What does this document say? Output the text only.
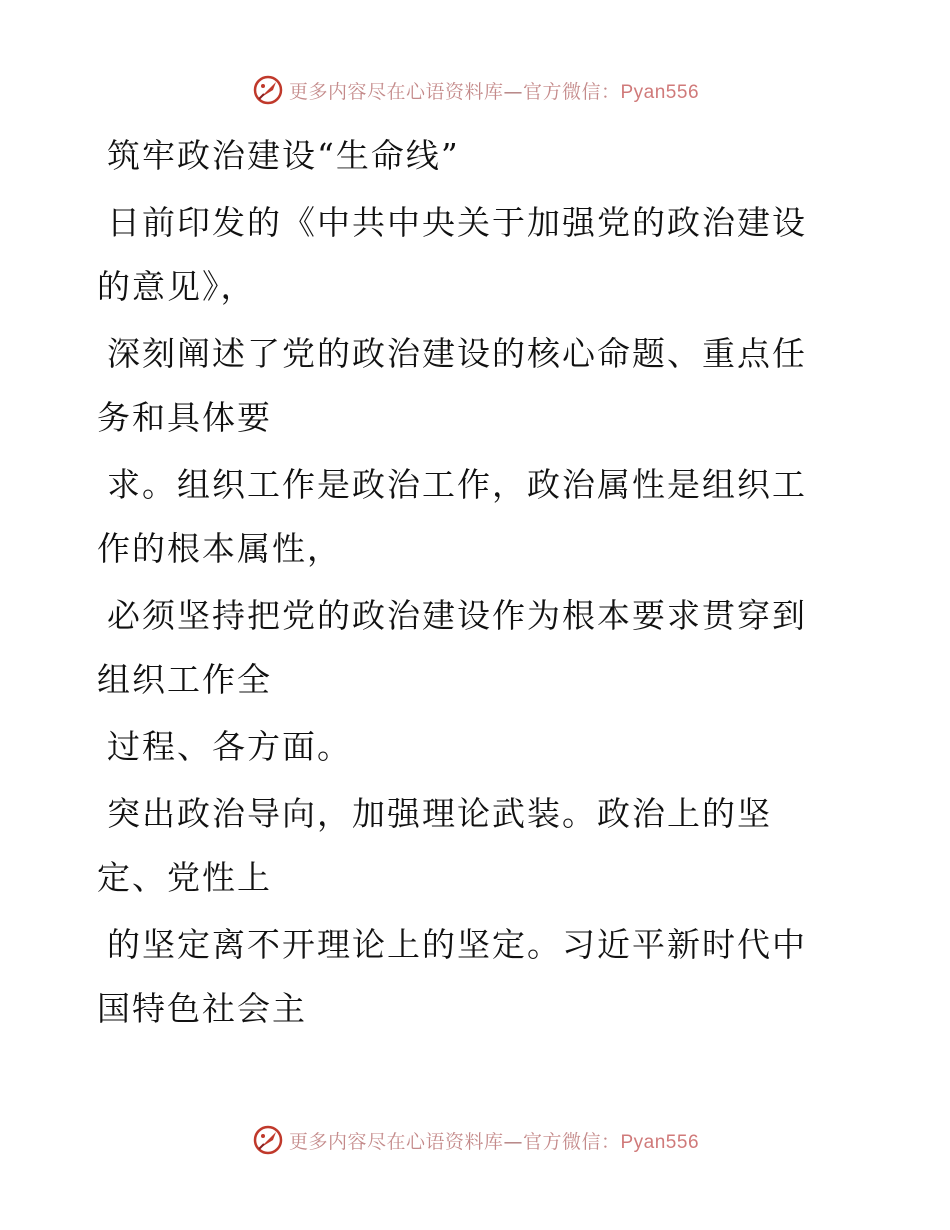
更多内容尽在心语资料库—官方微信：Pyan556

筑牢政治建设“生命线”

日前印发的《中共中央关于加强党的政治建设的意见》，

深刻阐述了党的政治建设的核心命题、重点任务和具体要

求。组织工作是政治工作，政治属性是组织工作的根本属性，

必须坚持把党的政治建设作为根本要求贯穿到组织工作全

过程、各方面。

突出政治导向，加强理论武装。政治上的坚定、党性上

的坚定离不开理论上的坚定。习近平新时代中国特色社会主

更多内容尽在心语资料库—官方微信：Pyan556
